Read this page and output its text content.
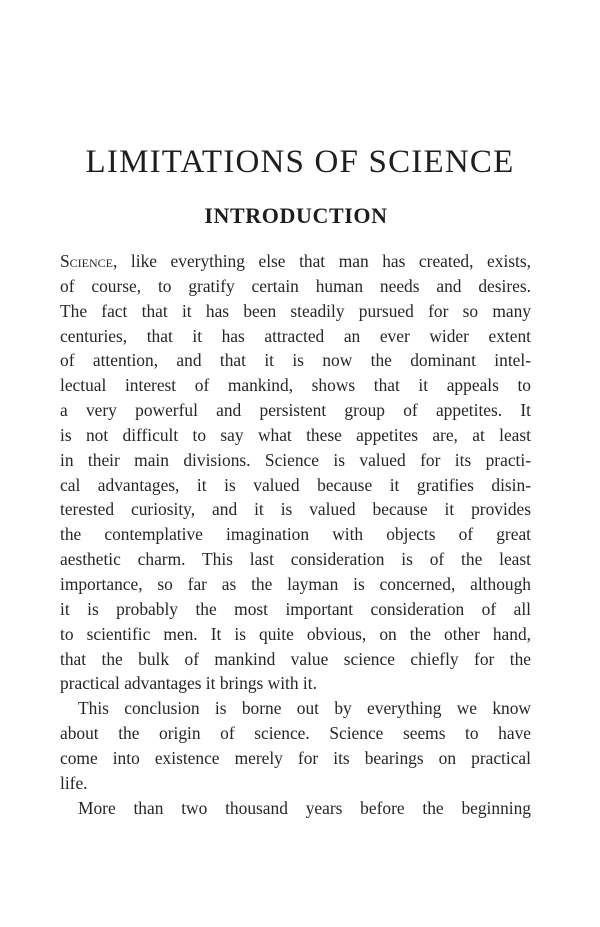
LIMITATIONS OF SCIENCE
INTRODUCTION
Science, like everything else that man has created, exists,
of course, to gratify certain human needs and desires.
The fact that it has been steadily pursued for so many
centuries, that it has attracted an ever wider extent
of attention, and that it is now the dominant intel-
lectual interest of mankind, shows that it appeals to
a very powerful and persistent group of appetites. It
is not difficult to say what these appetites are, at least
in their main divisions. Science is valued for its practi-
cal advantages, it is valued because it gratifies disin-
terested curiosity, and it is valued because it provides
the contemplative imagination with objects of great
aesthetic charm. This last consideration is of the least
importance, so far as the layman is concerned, although
it is probably the most important consideration of all
to scientific men. It is quite obvious, on the other hand,
that the bulk of mankind value science chiefly for the
practical advantages it brings with it.
This conclusion is borne out by everything we know
about the origin of science. Science seems to have
come into existence merely for its bearings on practical
life.
More than two thousand years before the beginning
